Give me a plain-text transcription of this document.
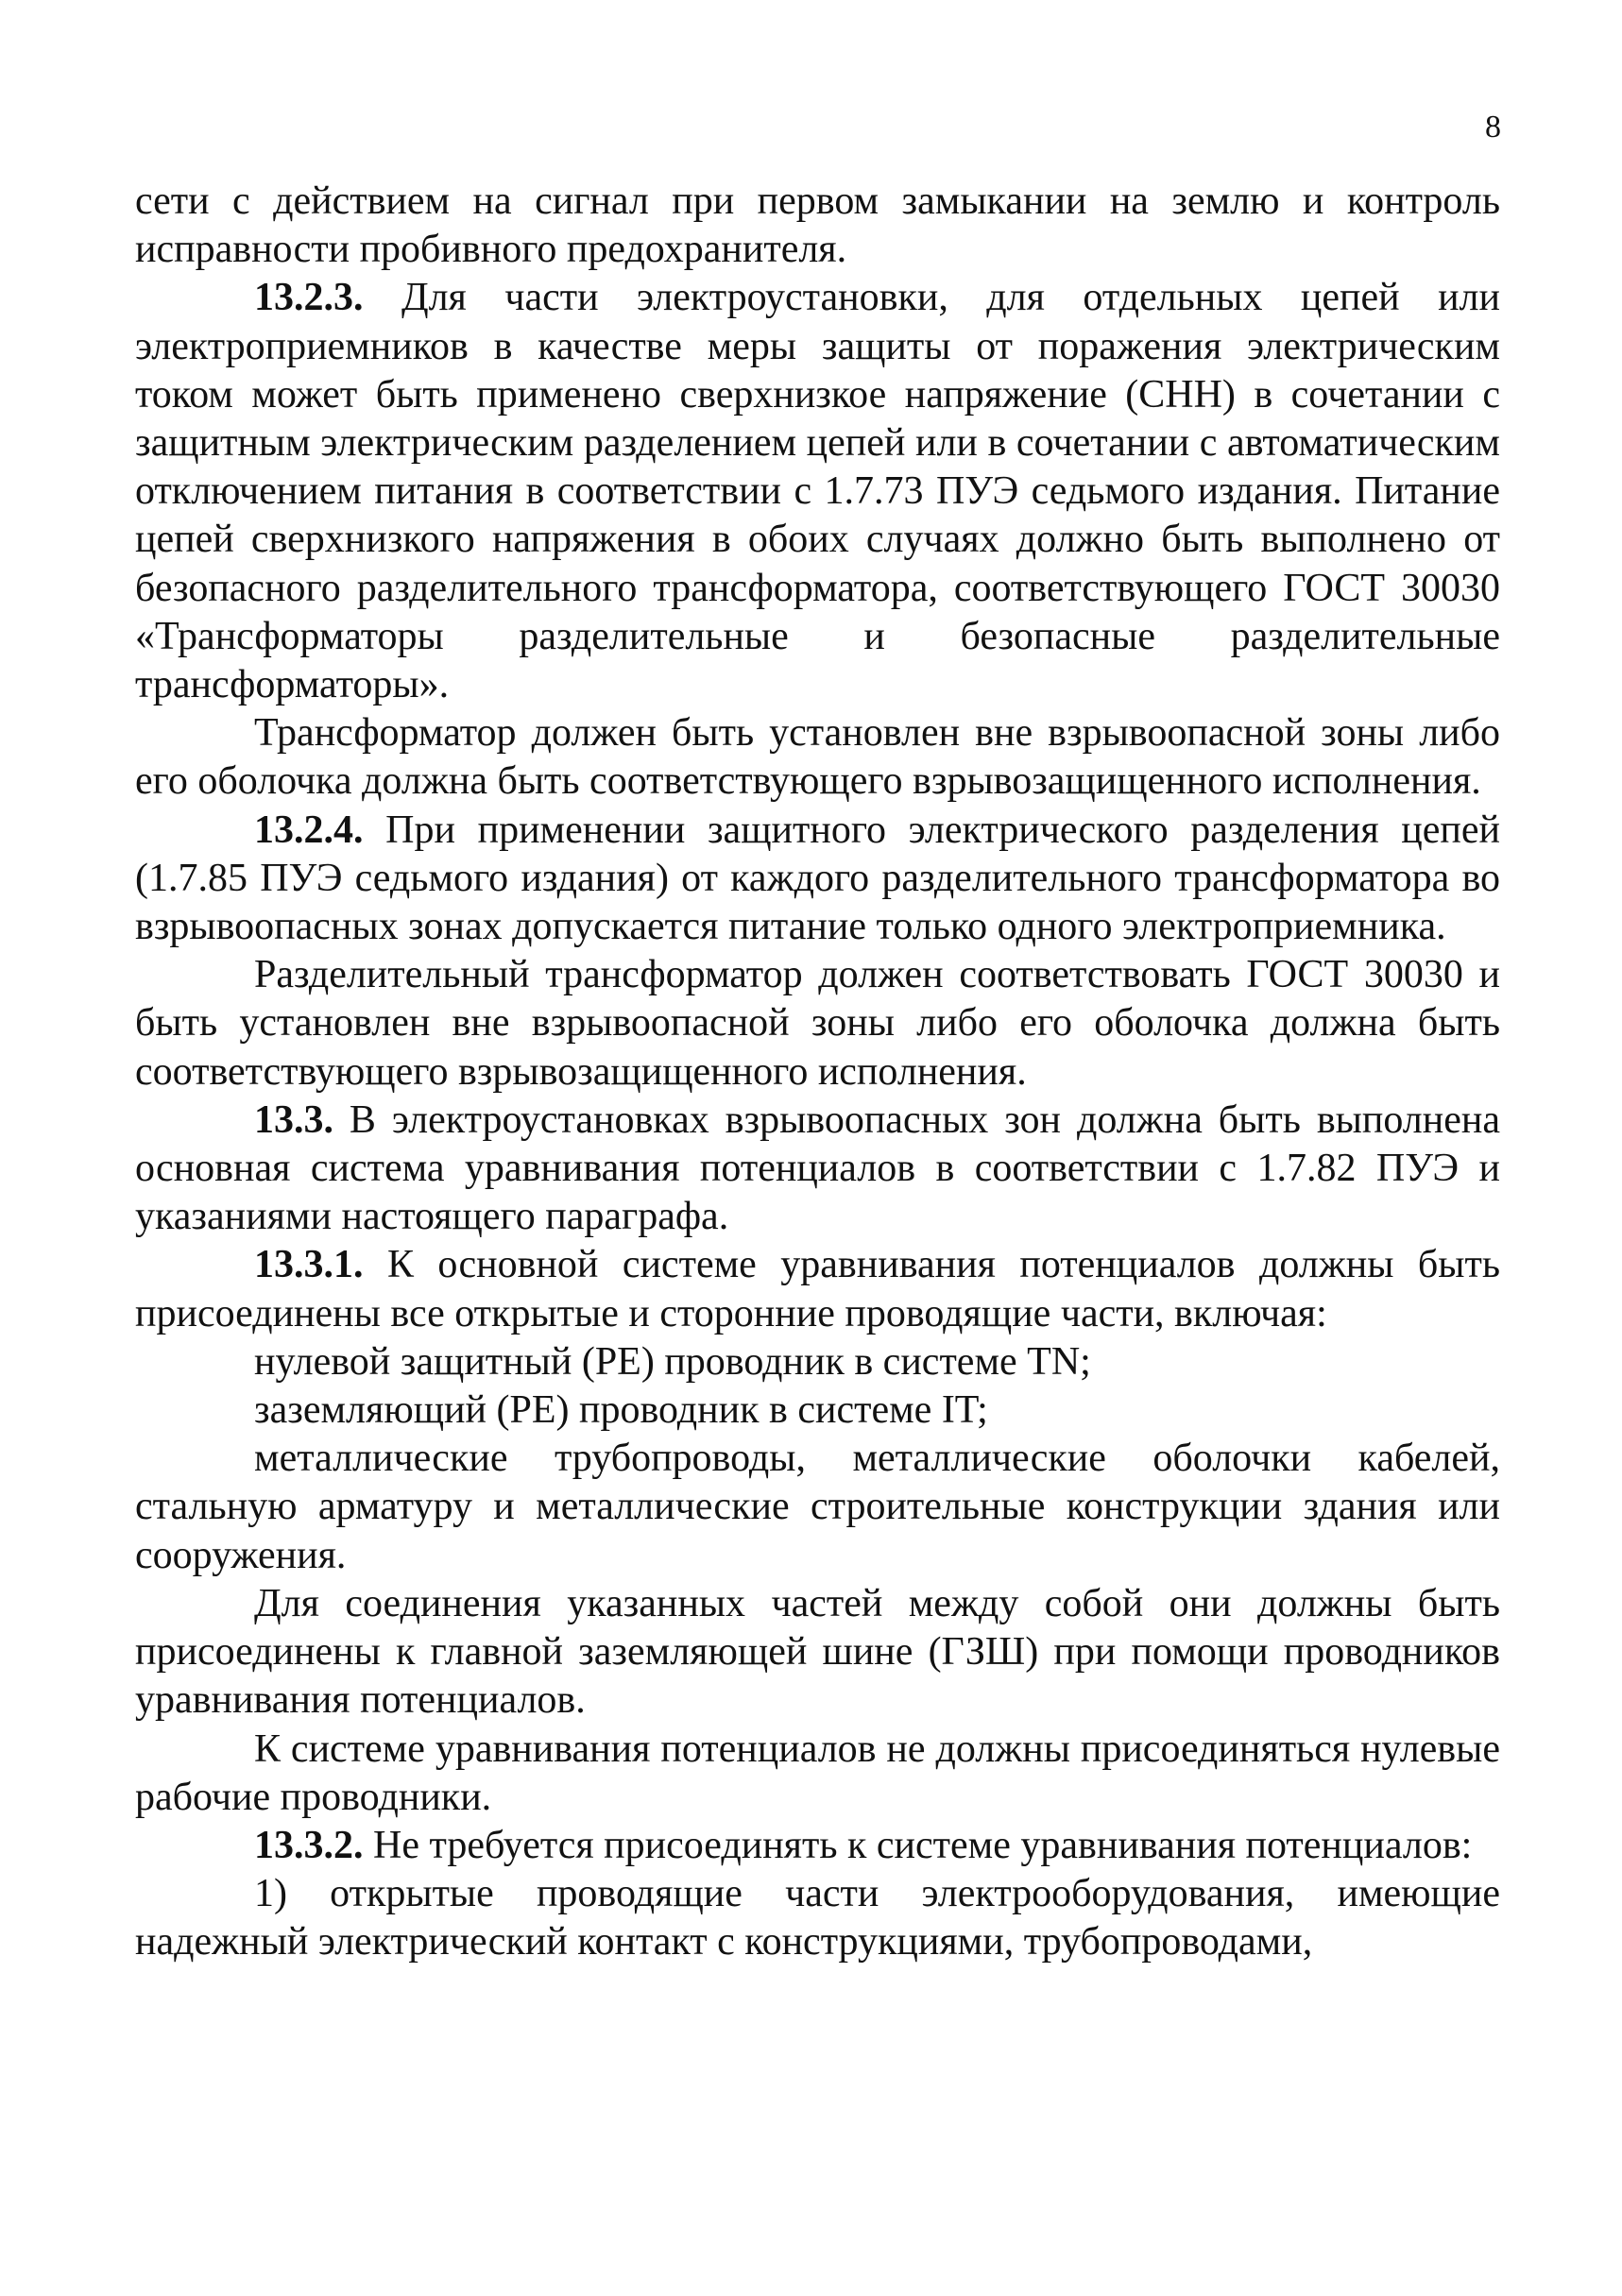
8

сети с действием на сигнал при первом замыкании на землю и контроль исправности пробивного предохранителя.

13.2.3. Для части электроустановки, для отдельных цепей или электроприемников в качестве меры защиты от поражения электрическим током может быть применено сверхнизкое напряжение (СНН) в сочетании с защитным электрическим разделением цепей или в сочетании с автоматическим отключением питания в соответствии с 1.7.73 ПУЭ седьмого издания. Питание цепей сверхнизкого напряжения в обоих случаях должно быть выполнено от безопасного разделительного трансформатора, соответствующего ГОСТ 30030 «Трансформаторы разделительные и безопасные разделительные трансформаторы».

Трансформатор должен быть установлен вне взрывоопасной зоны либо его оболочка должна быть соответствующего взрывозащищенного исполнения.

13.2.4. При применении защитного электрического разделения цепей (1.7.85 ПУЭ седьмого издания) от каждого разделительного трансформатора во взрывоопасных зонах допускается питание только одного электроприемника.

Разделительный трансформатор должен соответствовать ГОСТ 30030 и быть установлен вне взрывоопасной зоны либо его оболочка должна быть соответствующего взрывозащищенного исполнения.

13.3. В электроустановках взрывоопасных зон должна быть выполнена основная система уравнивания потенциалов в соответствии с 1.7.82 ПУЭ и указаниями настоящего параграфа.

13.3.1. К основной системе уравнивания потенциалов должны быть присоединены все открытые и сторонние проводящие части, включая:

нулевой защитный (РЕ) проводник в системе TN;

заземляющий (РЕ) проводник в системе IT;

металлические трубопроводы, металлические оболочки кабелей, стальную арматуру и металлические строительные конструкции здания или сооружения.

Для соединения указанных частей между собой они должны быть присоединены к главной заземляющей шине (ГЗШ) при помощи проводников уравнивания потенциалов.

К системе уравнивания потенциалов не должны присоединяться нулевые рабочие проводники.

13.3.2. Не требуется присоединять к системе уравнивания потенциалов:

1) открытые проводящие части электрооборудования, имеющие надежный электрический контакт с конструкциями, трубопроводами,
